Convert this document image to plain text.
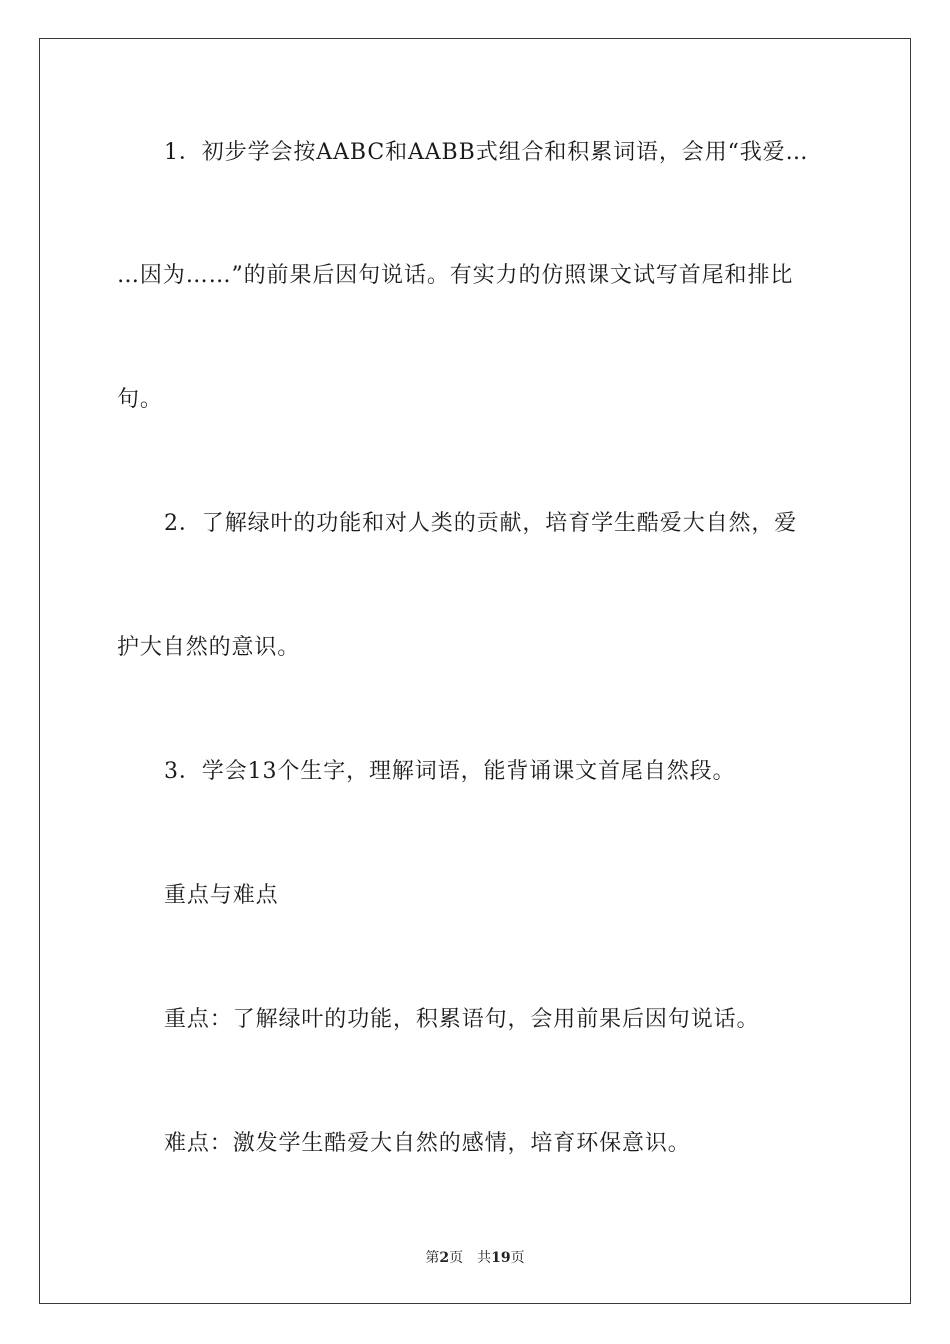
1．初步学会按AABC和AABB式组合和积累词语，会用“我爱…
…因为……”的前果后因句说话。有实力的仿照课文试写首尾和排比
句。
2．了解绿叶的功能和对人类的贡献，培育学生酷爱大自然，爱
护大自然的意识。
3．学会13个生字，理解词语，能背诵课文首尾自然段。
重点与难点
重点：了解绿叶的功能，积累语句，会用前果后因句说话。
难点：激发学生酷爱大自然的感情，培育环保意识。
第2页 共19页
